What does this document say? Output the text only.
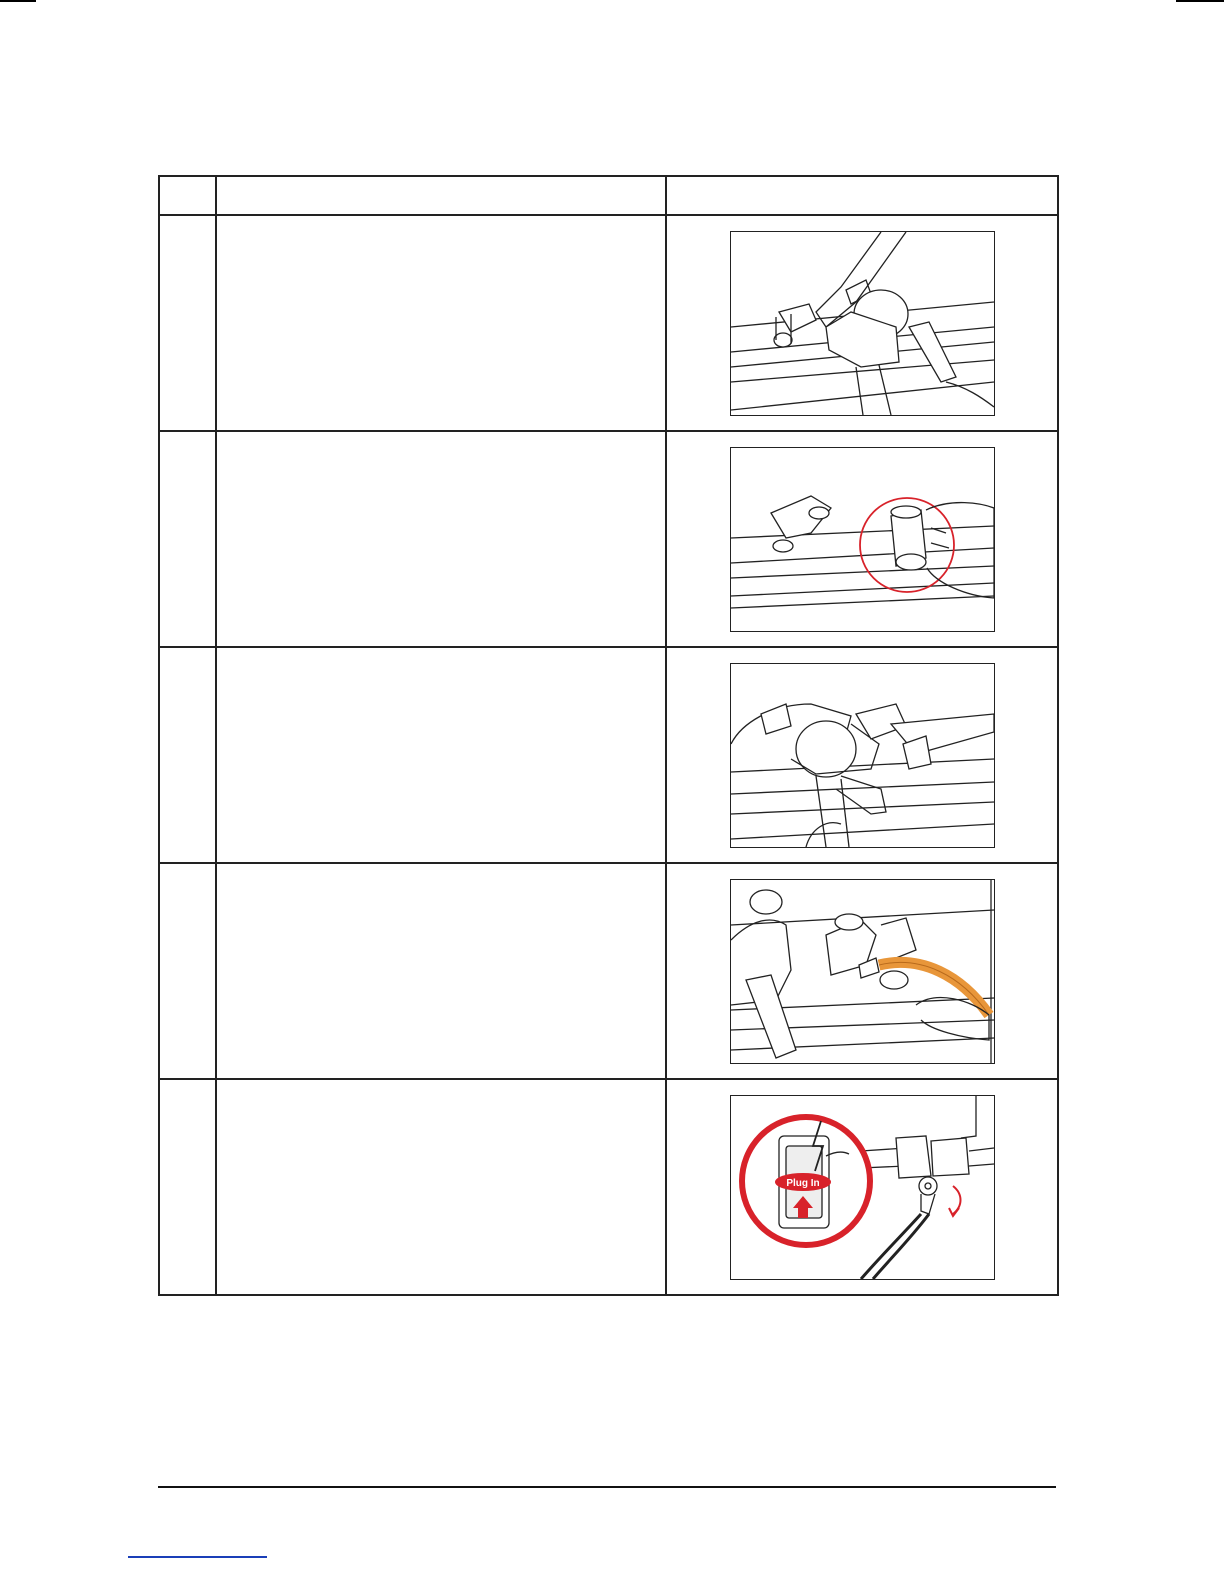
Plug In
